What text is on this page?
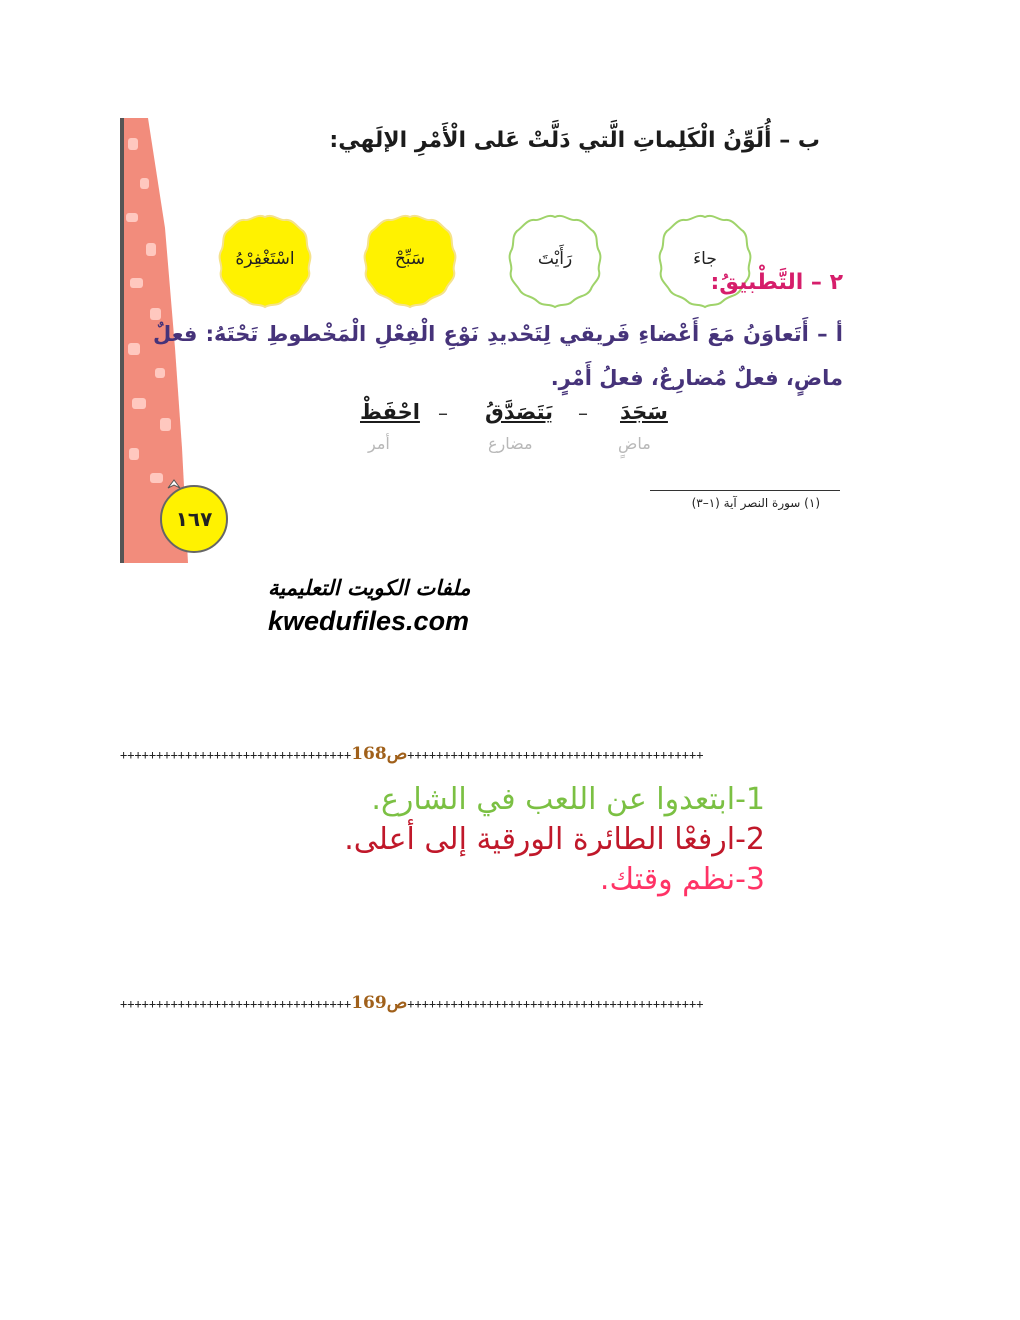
ب – أُلَوِّنُ الْكَلِماتِ الَّتي دَلَّتْ عَلى الْأَمْرِ الإلَهي:
جاءَ
رَأَيْتَ
سَبِّحْ
اسْتَغْفِرْهُ
٢ – التَّطْبيقُ:
أ – أَتَعاوَنُ مَعَ أَعْضاءِ فَريقي لِتَحْديدِ نَوْعِ الْفِعْلِ الْمَخْطوطِ تَحْتَهُ: فعلٌ ماضٍ، فعلٌ مُضارِعٌ، فعلُ أَمْرٍ.
سَجَدَ
–
يَتَصَدَّقُ
–
احْفَظْ
ماضٍ
مضارع
أمر
(١) سورة النصر آية (١–٣)
١٦٧
ملفات الكويت التعليمية
kwedufiles.com
++++++++++++++++++++++++++++++++ص168+++++++++++++++++++++++++++++++++++++++++
1-ابتعدوا عن اللعب في الشارع.
2-ارفعْا الطائرة الورقية إلى أعلى.
3-نظم وقتك.
++++++++++++++++++++++++++++++++ص169+++++++++++++++++++++++++++++++++++++++++
